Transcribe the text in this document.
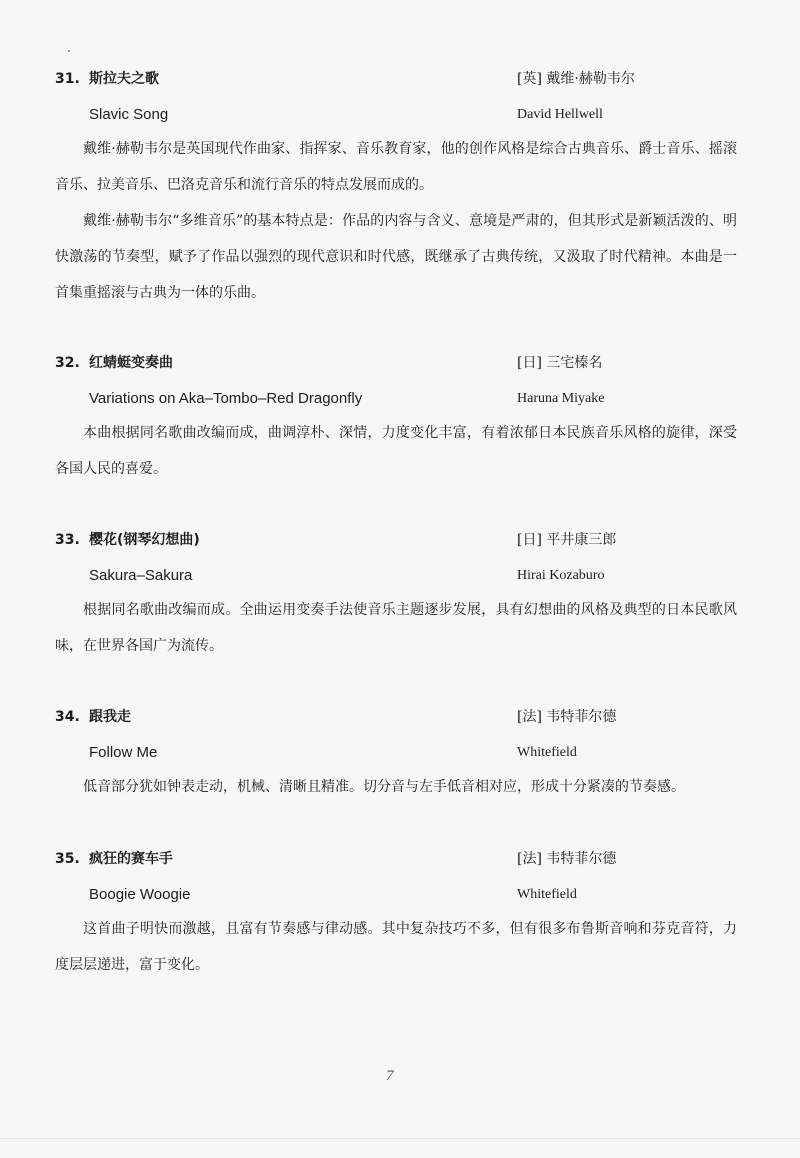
31. 斯拉夫之歌	[英] 戴维·赫勒韦尔
Slavic Song	David Hellwell

戴维·赫勒韦尔是英国现代作曲家、指挥家、音乐教育家，他的创作风格是综合古典音乐、爵士音乐、摇滚音乐、拉美音乐、巴洛克音乐和流行音乐的特点发展而成的。

戴维·赫勒韦尔“多维音乐”的基本特点是：作品的内容与含义、意境是严肃的，但其形式是新颖活泼的、明快激荡的节奏型，赋予了作品以强烈的现代意识和时代感，既继承了古典传统，又汲取了时代精神。本曲是一首集重摇滚与古典为一体的乐曲。

32. 红蜻蜓变奏曲	[日] 三宅榛名
Variations on Aka–Tombo–Red Dragonfly	Haruna Miyake

本曲根据同名歌曲改编而成，曲调淳朴、深情，力度变化丰富，有着浓郁日本民族音乐风格的旋律，深受各国人民的喜爱。

33. 樱花(钢琴幻想曲)	[日] 平井康三郎
Sakura–Sakura	Hirai Kozaburo

根据同名歌曲改编而成。全曲运用变奏手法使音乐主题逐步发展，具有幻想曲的风格及典型的日本民歌风味，在世界各国广为流传。

34. 跟我走	[法] 韦特菲尔德
Follow Me	Whitefield

低音部分犹如钟表走动，机械、清晰且精准。切分音与左手低音相对应，形成十分紧凑的节奏感。

35. 疯狂的赛车手	[法] 韦特菲尔德
Boogie Woogie	Whitefield

这首曲子明快而激越，且富有节奏感与律动感。其中复杂技巧不多，但有很多布鲁斯音响和芬克音符，力度层层递进，富于变化。

7
